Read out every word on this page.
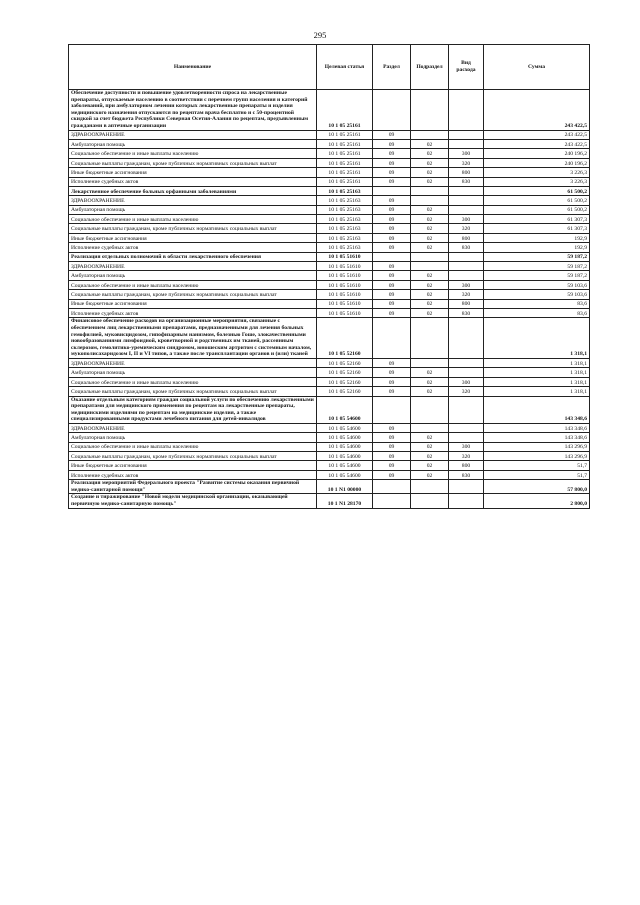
295
Наименование	Целевая статья	Раздел	Подраздел	Вид расхода	Сумма
Обеспечение доступности и повышение удовлетворенности спроса на лекарственные препараты, отпускаемые населению в соответствии с перечнем групп населения и категорий заболеваний, при амбулаторном лечении которых лекарственные препараты и изделия медицинского назначения отпускаются по рецептам врача бесплатно и с 50-процентной скидкой за счет бюджета Республики Северная Осетия-Алания по рецептам, предъявленным гражданами в аптечные организации	10 1 05 25161				243 422,5
ЗДРАВООХРАНЕНИЕ	10 1 05 25161	09			243 422,5
Амбулаторная помощь	10 1 05 25161	09	02		243 422,5
Социальное обеспечение и иные выплаты населению	10 1 05 25161	09	02	300	240 196,2
Социальные выплаты гражданам, кроме публичных нормативных социальных выплат	10 1 05 25161	09	02	320	240 196,2
Иные бюджетные ассигнования	10 1 05 25161	09	02	800	3 226,3
Исполнение судебных актов	10 1 05 25161	09	02	830	3 226,3
Лекарственное обеспечение больных орфанными заболеваниями	10 1 05 25163				61 500,2
ЗДРАВООХРАНЕНИЕ	10 1 05 25163	09			61 500,2
Амбулаторная помощь	10 1 05 25163	09	02		61 500,2
Социальное обеспечение и иные выплаты населению	10 1 05 25163	09	02	300	61 307,3
Социальные выплаты гражданам, кроме публичных нормативных социальных выплат	10 1 05 25163	09	02	320	61 307,3
Иные бюджетные ассигнования	10 1 05 25163	09	02	800	192,9
Исполнение судебных актов	10 1 05 25163	09	02	830	192,9
Реализация отдельных полномочий в области лекарственного обеспечения	10 1 05 51610				59 187,2
ЗДРАВООХРАНЕНИЕ	10 1 05 51610	09			59 187,2
Амбулаторная помощь	10 1 05 51610	09	02		59 187,2
Социальное обеспечение и иные выплаты населению	10 1 05 51610	09	02	300	59 103,6
Социальные выплаты гражданам, кроме публичных нормативных социальных выплат	10 1 05 51610	09	02	320	59 103,6
Иные бюджетные ассигнования	10 1 05 51610	09	02	800	83,6
Исполнение судебных актов	10 1 05 51610	09	02	830	83,6
Финансовое обеспечение расходов на организационные мероприятия, связанные с обеспечением лиц лекарственными препаратами, предназначенными для лечения больных гемофилией, муковисцидозом, гипофизарным нанизмом, болезнью Гоше, злокачественными новообразованиями лимфоидной, кроветворной и родственных им тканей, рассеянным склерозом, гемолитико-уремическим синдромом, юношеским артритом с системным началом, мукополисахаридозом I, II и VI типов, а также после трансплантации органов и (или) тканей	10 1 05 52160				1 318,1
ЗДРАВООХРАНЕНИЕ	10 1 05 52160	09			1 318,1
Амбулаторная помощь	10 1 05 52160	09	02		1 318,1
Социальное обеспечение и иные выплаты населению	10 1 05 52160	09	02	300	1 318,1
Социальные выплаты гражданам, кроме публичных нормативных социальных выплат	10 1 05 52160	09	02	320	1 318,1
Оказание отдельным категориям граждан социальной услуги по обеспечению лекарственными препаратами для медицинского применения по рецептам на лекарственные препараты, медицинскими изделиями по рецептам на медицинские изделия, а также специализированными продуктами лечебного питания для детей-инвалидов	10 1 05 54600				143 348,6
ЗДРАВООХРАНЕНИЕ	10 1 05 54600	09			143 348,6
Амбулаторная помощь	10 1 05 54600	09	02		143 348,6
Социальное обеспечение и иные выплаты населению	10 1 05 54600	09	02	300	143 296,9
Социальные выплаты гражданам, кроме публичных нормативных социальных выплат	10 1 05 54600	09	02	320	143 296,9
Иные бюджетные ассигнования	10 1 05 54600	09	02	800	51,7
Исполнение судебных актов	10 1 05 54600	09	02	830	51,7
Реализация мероприятий Федерального проекта "Развитие системы оказания первичной медико-санитарной помощи"	10 1 N1 00000				57 800,0
Создание и тиражирование "Новой модели медицинской организации, оказывающей первичную медико-санитарную помощь"	10 1 N1 28170				2 800,0
